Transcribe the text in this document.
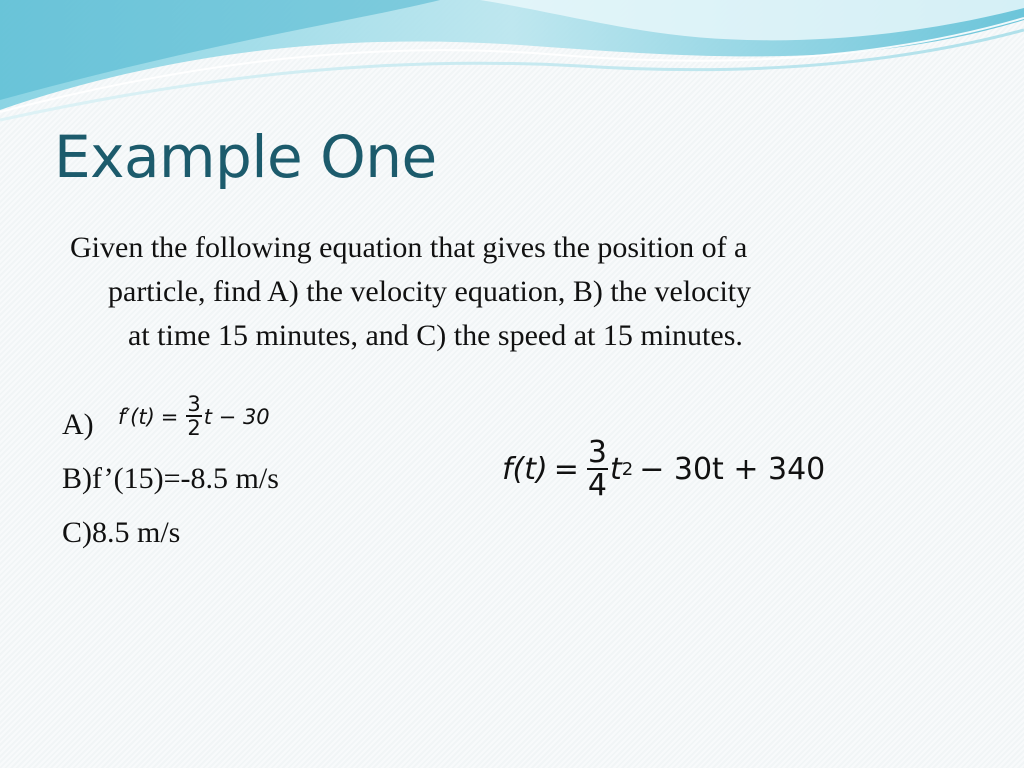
Example One
Given the following equation that gives the position of a
particle, find A) the velocity equation, B) the velocity
at time 15 minutes, and C) the speed at 15 minutes.
A) $f'(t) = \frac{3}{2}$ t − 30
B)f’(15)=-8.5 m/s
C)8.5 m/s
$f(t) = \frac{3}{4}$ t 2 − 30t + 340
